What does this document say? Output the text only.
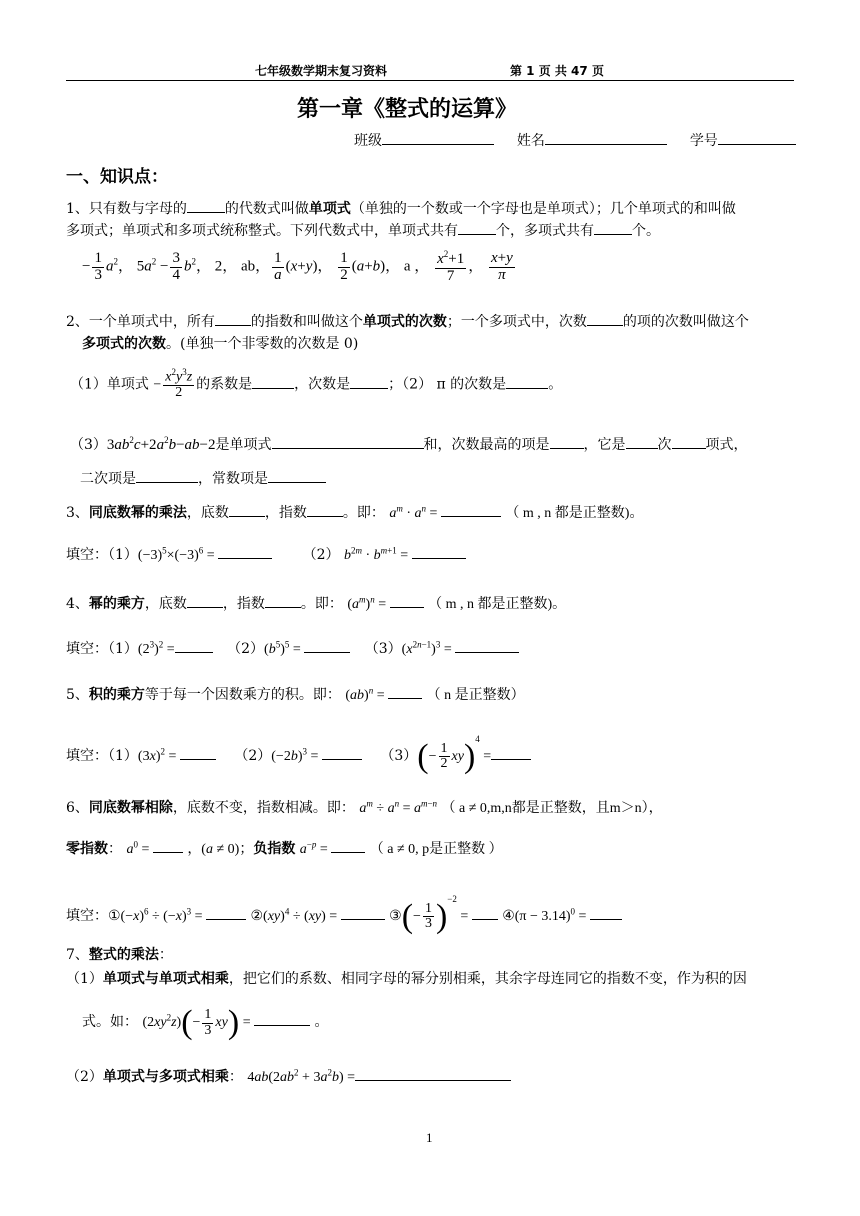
七年级数学期末复习资料	第 1 页 共 47 页
第一章《整式的运算》
班级	姓名	学号
一、知识点：
1、只有数与字母的	的代数式叫做单项式（单独的一个数或一个字母也是单项式）；几个单项式的和叫做
多项式；单项式和多项式统称整式。下列代数式中，单项式共有	个，多项式共有	个。
− $\frac{1}{3} a^2$， $5a^2 - \frac{3}{4} b^2$， 2， ab， $\frac{1}{a} (x+y)$， $\frac{1}{2} (a+b)$， a ， $\frac{x^2+1}{7}$ ， $\frac{x+y}{\pi}$
2、一个单项式中，所有	的指数和叫做这个单项式的次数；一个多项式中，次数	的项的次数叫做这个
多项式的次数。(单独一个非零数的次数是 0)
（1）单项式 − $\frac{x^2y^3z}{2}$ 的系数是	，次数是	；（2） π 的次数是	。
$(3)3ab^2c+2a^2b-ab-2$是单项式	和，次数最高的项是 ，它是 次 项式，
二次项是	，常数项是
3、同底数幂的乘法，底数	，指数	。即： $a^m \cdot a^n$ =	（ m , n 都是正整数)。
填空：$(1)(-3)^5\times(-3)^6$ =	（2） $b^{2m} \cdot b^{m+1}$ =
4、幂的乘方，底数	，指数	。即： $(a^m)^n$ =	（ m , n 都是正整数)。
填空：$(1)(2^3)^2$ =	$(2)(b^5)^5$ =	$(3)(x^{2n-1})^3$ =
5、积的乘方等于每一个因数乘方的积。即： (ab)$^n$ =	（ n 是正整数）
填空：$(1)(3x)^2$ =	$(2)(-2b)^3$ =	$(3)(- \frac{1}{2} xy)^4$ =
6、同底数幂相除，底数不变，指数相减。即： $a^m \div a^n = a^{m-n}$ （ a ≠ 0,m,n都是正整数，且m＞n），
零指数： $a^0$ =  ，(a ≠ 0)；负指数 $a^{-p}$ =	（ a ≠ 0, p是正整数 ）
填空：$①(-x)^6 \div (-x)^3$ =	②(xy)$^4$ ÷ (xy) =	③(− $\frac{1}{3} )^{-2}$ =  ④(π − 3.14)$^0$ =
7、整式的乘法：
（1）单项式与单项式相乘，把它们的系数、相同字母的幂分别相乘，其余字母连同它的指数不变，作为积的因
式。如： $(2xy^2z)(- \frac{1}{3} xy)$ =	。
（2）单项式与多项式相乘： $4ab(2ab^2 + 3a^2b)$ =
1
